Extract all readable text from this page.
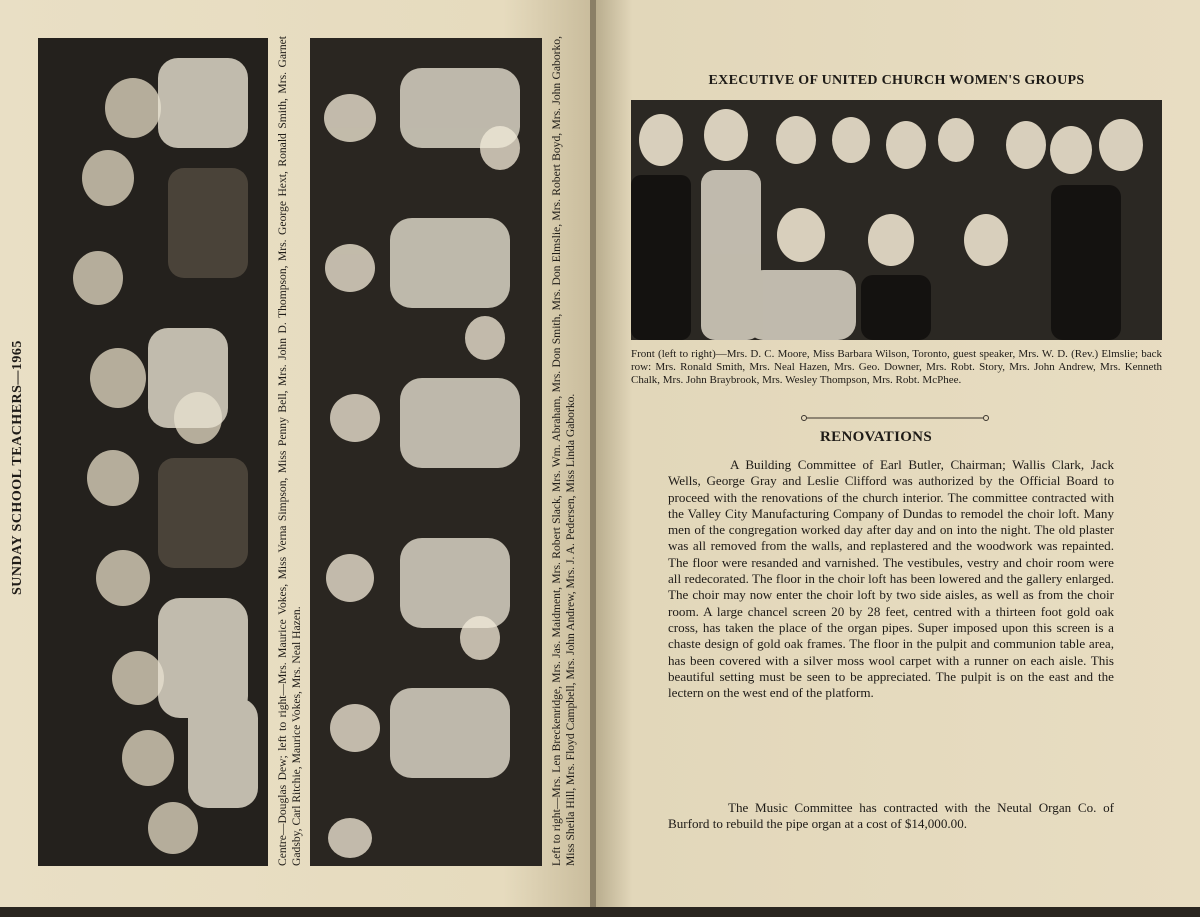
SUNDAY SCHOOL TEACHERS—1965	Centre—Douglas Dew; left to right—Mrs. Maurice Vokes, Miss Verna Simpson, Miss Penny Bell, Mrs. John D. Thompson, Mrs. George Hext, Ronald Smith, Mrs. Garnet Gadsby, Carl Ritchie, Maurice Vokes, Mrs. Neal Hazen.	Left to right—Mrs. Len Breckenridge, Mrs. Jas. Maidment, Mrs. Robert Slack, Mrs. Wm. Abraham, Mrs. Don Smith, Mrs. Don Elmslie, Mrs. Robert Boyd, Mrs. John Gaborko, Miss Sheila Hill, Mrs. Floyd Campbell, Mrs. John Andrew, Mrs. J. A. Pedersen, Miss Linda Gaborko.
EXECUTIVE OF UNITED CHURCH WOMEN'S GROUPS
Front (left to right)—Mrs. D. C. Moore, Miss Barbara Wilson, Toronto, guest speaker, Mrs. W. D. (Rev.) Elmslie; back row: Mrs. Ronald Smith, Mrs. Neal Hazen, Mrs. Geo. Downer, Mrs. Robt. Story, Mrs. John Andrew, Mrs. Kenneth Chalk, Mrs. John Braybrook, Mrs. Wesley Thompson, Mrs. Robt. McPhee.
RENOVATIONS

A Building Committee of Earl Butler, Chairman; Wallis Clark, Jack Wells, George Gray and Leslie Clifford was authorized by the Official Board to proceed with the renovations of the church interior. The committee contracted with the Valley City Manufacturing Company of Dundas to remodel the choir loft. Many men of the congregation worked day after day and on into the night. The old plaster was all removed from the walls, and replastered and the woodwork was repainted. The floor were resanded and varnished. The vestibules, vestry and choir room were all redecorated. The floor in the choir loft has been lowered and the gallery enlarged. The choir may now enter the choir loft by two side aisles, as well as from the choir room. A large chancel screen 20 by 28 feet, centred with a thirteen foot gold oak cross, has taken the place of the organ pipes. Super imposed upon this screen is a chaste design of gold oak frames. The floor in the pulpit and communion table area, has been covered with a silver moss wool carpet with a runner on each aisle. This beautiful setting must be seen to be appreciated. The pulpit is on the east and the lectern on the west end of the platform.

The Music Committee has contracted with the Neutal Organ Co. of Burford to rebuild the pipe organ at a cost of $14,000.00.
